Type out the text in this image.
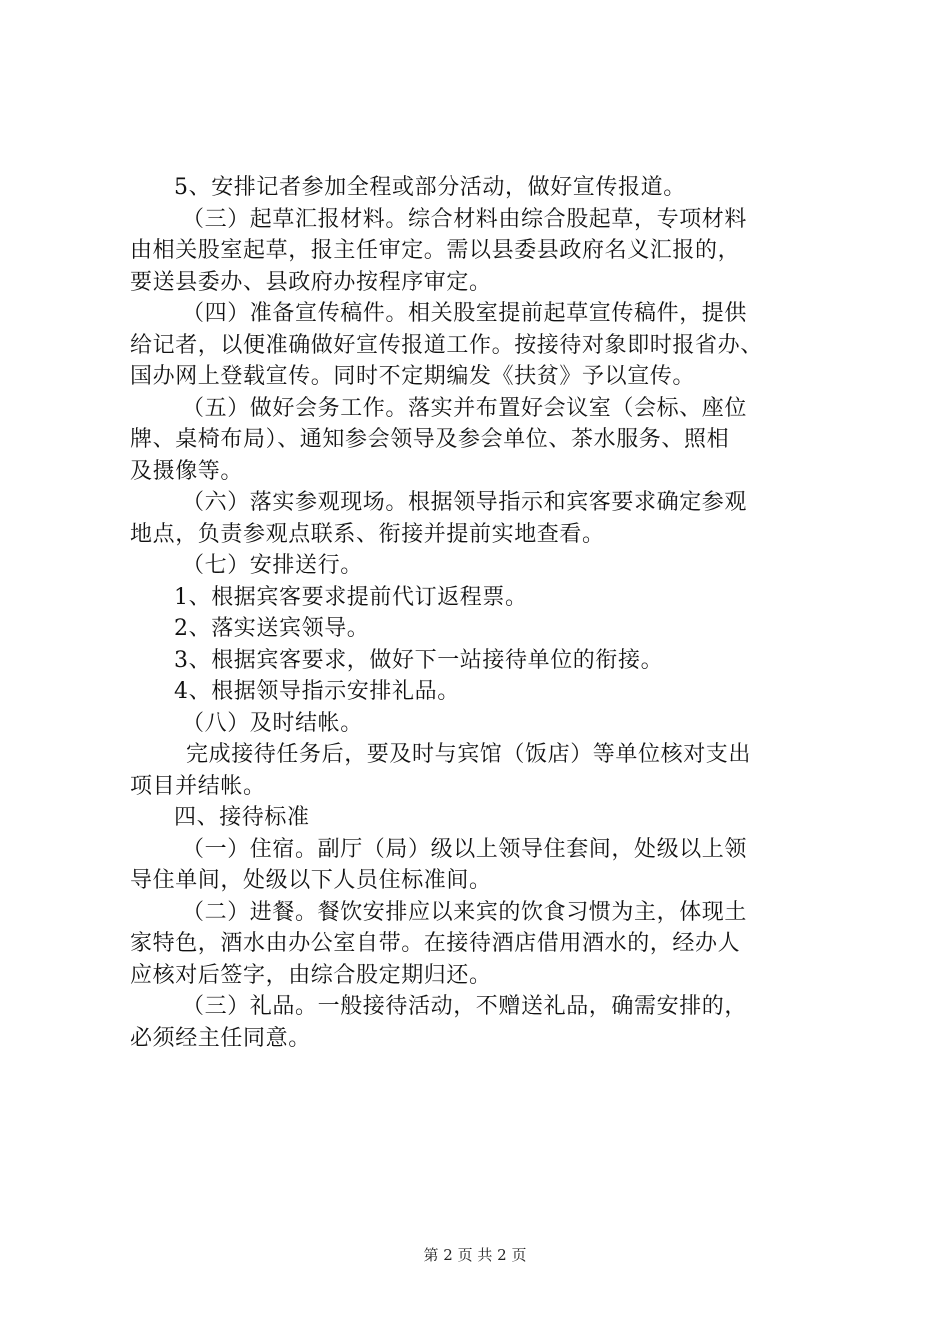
5、安排记者参加全程或部分活动，做好宣传报道。
（三）起草汇报材料。综合材料由综合股起草，专项材料
由相关股室起草，报主任审定。需以县委县政府名义汇报的，
要送县委办、县政府办按程序审定。
（四）准备宣传稿件。相关股室提前起草宣传稿件，提供
给记者，以便准确做好宣传报道工作。按接待对象即时报省办、
国办网上登载宣传。同时不定期编发《扶贫》予以宣传。
（五）做好会务工作。落实并布置好会议室（会标、座位
牌、桌椅布局）、通知参会领导及参会单位、茶水服务、照相
及摄像等。
（六）落实参观现场。根据领导指示和宾客要求确定参观
地点，负责参观点联系、衔接并提前实地查看。
（七）安排送行。
1、根据宾客要求提前代订返程票。
2、落实送宾领导。
3、根据宾客要求，做好下一站接待单位的衔接。
4、根据领导指示安排礼品。
（八）及时结帐。
完成接待任务后，要及时与宾馆（饭店）等单位核对支出
项目并结帐。
四、接待标准
（一）住宿。副厅（局）级以上领导住套间，处级以上领
导住单间，处级以下人员住标准间。
（二）进餐。餐饮安排应以来宾的饮食习惯为主，体现土
家特色，酒水由办公室自带。在接待酒店借用酒水的，经办人
应核对后签字，由综合股定期归还。
（三）礼品。一般接待活动，不赠送礼品，确需安排的，
必须经主任同意。
第 2 页 共 2 页
